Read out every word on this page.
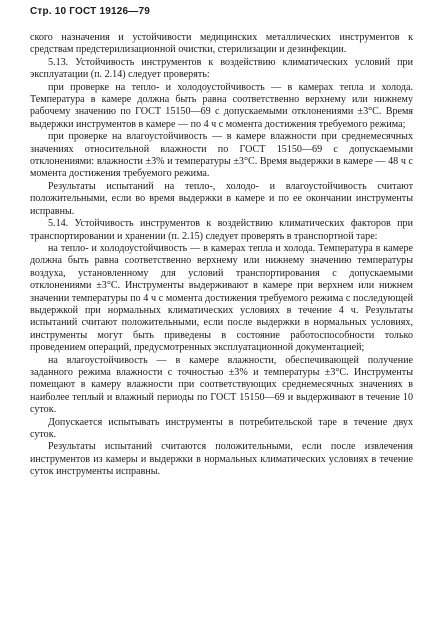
Стр. 10 ГОСТ 19126—79

ского назначения и устойчивости медицинских металлических инструментов к средствам предстерилизационной очистки, стерилизации и дезинфекции.

5.13. Устойчивость инструментов к воздействию климатических условий при эксплуатации (п. 2.14) следует проверять:

при проверке на тепло- и холодоустойчивость — в камерах тепла и холода. Температура в камере должна быть равна соответственно верхнему или нижнему рабочему значению по ГОСТ 15150—69 с допускаемыми отклонениями ±3°С. Время выдержки инструментов в камере — по 4 ч с момента достижения требуемого режима;

при проверке на влагоустойчивость — в камере влажности при среднемесячных значениях относительной влажности по ГОСТ 15150—69 с допускаемыми отклонениями: влажности ±3% и температуры ±3°С. Время выдержки в камере — 48 ч с момента достижения требуемого режима.

Результаты испытаний на тепло-, холодо- и влагоустойчивость считают положительными, если во время выдержки в камере и по ее окончании инструменты исправны.

5.14. Устойчивость инструментов к воздействию климатических факторов при транспортировании и хранении (п. 2.15) следует проверять в транспортной таре:

на тепло- и холодоустойчивость — в камерах тепла и холода. Температура в камере должна быть равна соответственно верхнему или нижнему значению температуры воздуха, установленному для условий транспортирования с допускаемыми отклонениями ±3°С. Инструменты выдерживают в камере при верхнем или нижнем значении температуры по 4 ч с момента достижения требуемого режима с последующей выдержкой при нормальных климатических условиях в течение 4 ч. Результаты испытаний считают положительными, если после выдержки в нормальных условиях, инструменты могут быть приведены в состояние работоспособности только проведением операций, предусмотренных эксплуатационной документацией;

на влагоустойчивость — в камере влажности, обеспечивающей получение заданного режима влажности с точностью ±3% и температуры ±3°С. Инструменты помещают в камеру влажности при соответствующих среднемесячных значениях в наиболее теплый и влажный периоды по ГОСТ 15150—69 и выдерживают в течение 10 суток.

Допускается испытывать инструменты в потребительской таре в течение двух суток.

Результаты испытаний считаются положительными, если после извлечения инструментов из камеры и выдержки в нормальных климатических условиях в течение суток инструменты исправны.
